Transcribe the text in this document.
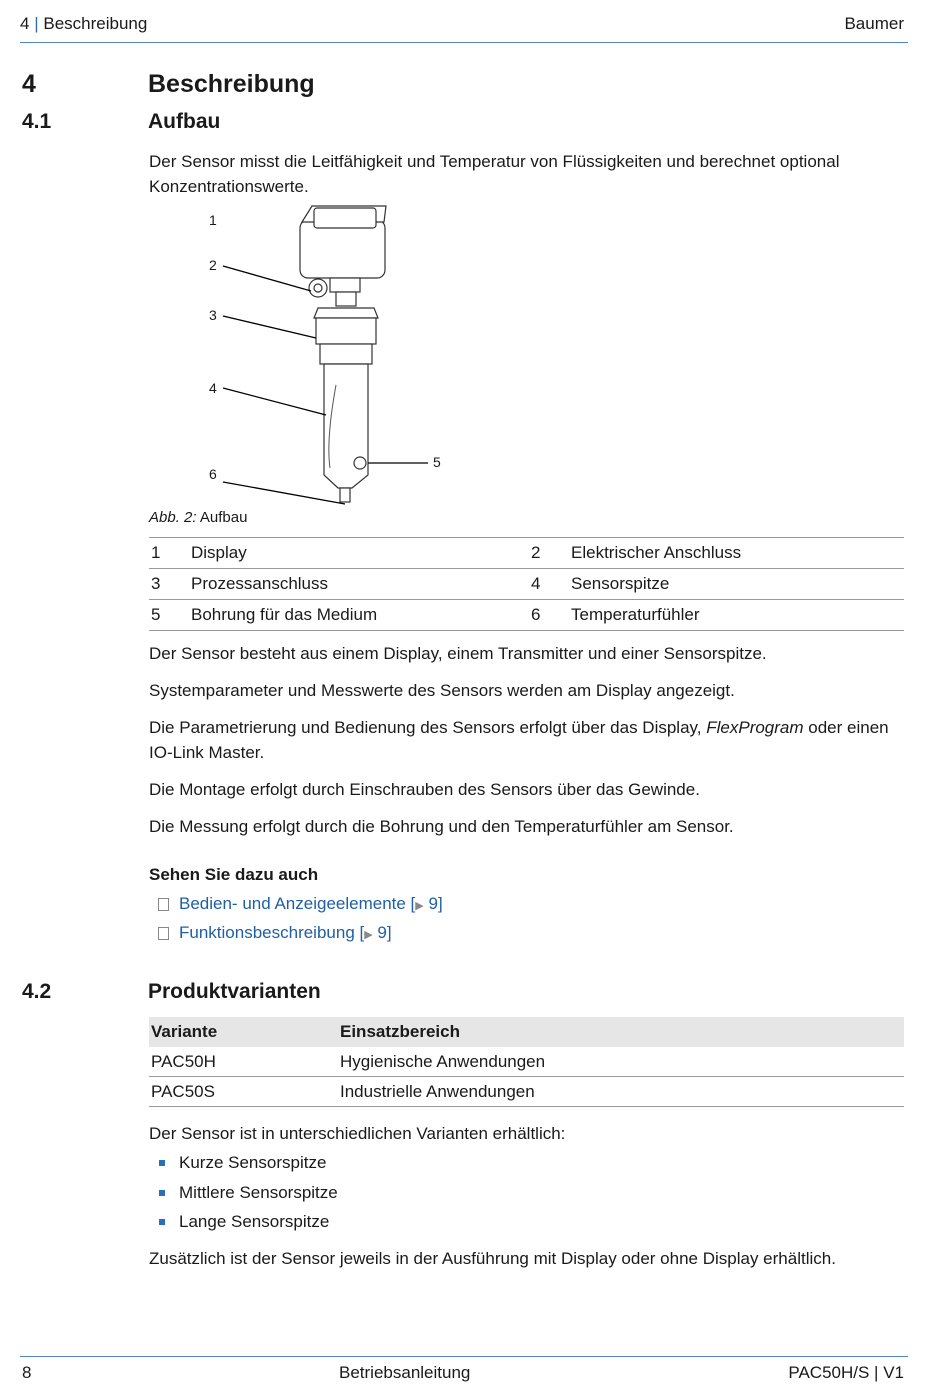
4 | Beschreibung	Baumer
4	Beschreibung
4.1	Aufbau
Der Sensor misst die Leitfähigkeit und Temperatur von Flüssigkeiten und berechnet optional Konzentrationswerte.
1
2
3
4
5
6
Abb. 2: Aufbau
1	Display	2	Elektrischer Anschluss
3	Prozessanschluss	4	Sensorspitze
5	Bohrung für das Medium	6	Temperaturfühler
Der Sensor besteht aus einem Display, einem Transmitter und einer Sensorspitze.
Systemparameter und Messwerte des Sensors werden am Display angezeigt.
Die Parametrierung und Bedienung des Sensors erfolgt über das Display, FlexProgram oder einen IO-Link Master.
Die Montage erfolgt durch Einschrauben des Sensors über das Gewinde.
Die Messung erfolgt durch die Bohrung und den Temperaturfühler am Sensor.
Sehen Sie dazu auch
Bedien- und Anzeigeelemente [▶ 9]
Funktionsbeschreibung [▶ 9]
4.2	Produktvarianten
Variante	Einsatzbereich
PAC50H	Hygienische Anwendungen
PAC50S	Industrielle Anwendungen
Der Sensor ist in unterschiedlichen Varianten erhältlich:
Kurze Sensorspitze
Mittlere Sensorspitze
Lange Sensorspitze
Zusätzlich ist der Sensor jeweils in der Ausführung mit Display oder ohne Display erhältlich.
8	Betriebsanleitung	PAC50H/S | V1
